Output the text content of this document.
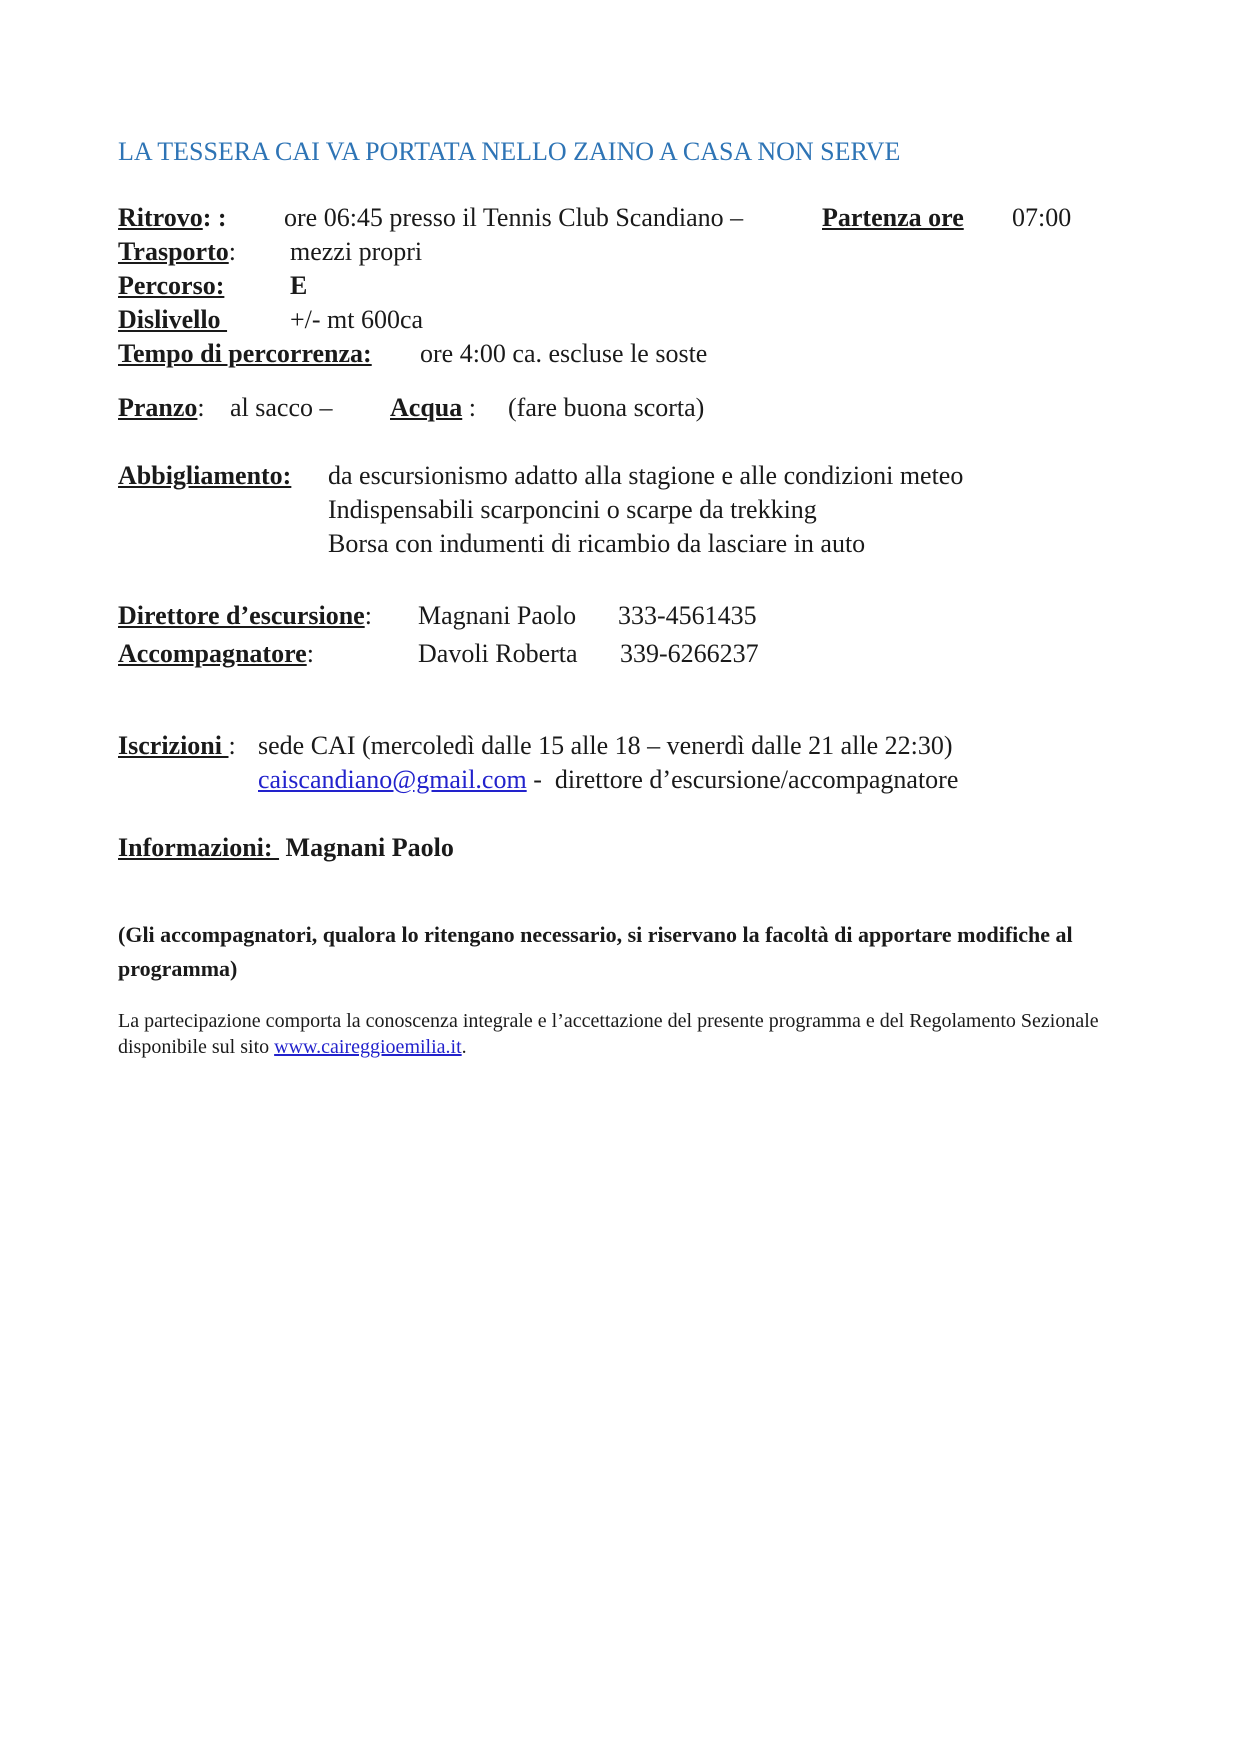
LA TESSERA CAI VA PORTATA NELLO ZAINO A CASA NON SERVE
Ritrovo: : ore 06:45 presso il Tennis Club Scandiano –	Partenza ore 07:00
Trasporto: mezzi propri
Percorso:	E
Dislivello +/- mt 600ca
Tempo di percorrenza: ore 4:00 ca. escluse le soste
Pranzo: al sacco – Acqua : (fare buona scorta)
Abbigliamento: da escursionismo adatto alla stagione e alle condizioni meteo
Indispensabili scarponcini o scarpe da trekking
Borsa con indumenti di ricambio da lasciare in auto
Direttore d’escursione: Magnani Paolo 333-4561435
Accompagnatore:	Davoli Roberta 339-6266237
Iscrizioni : sede CAI (mercoledì dalle 15 alle 18 – venerdì dalle 21 alle 22:30)
caiscandiano@gmail.com -  direttore d’escursione/accompagnatore
Informazioni:  Magnani Paolo
(Gli accompagnatori, qualora lo ritengano necessario, si riservano la facoltà di apportare modifiche al programma)
La partecipazione comporta la conoscenza integrale e l’accettazione del presente programma e del Regolamento Sezionale disponibile sul sito www.caireggioemilia.it.
